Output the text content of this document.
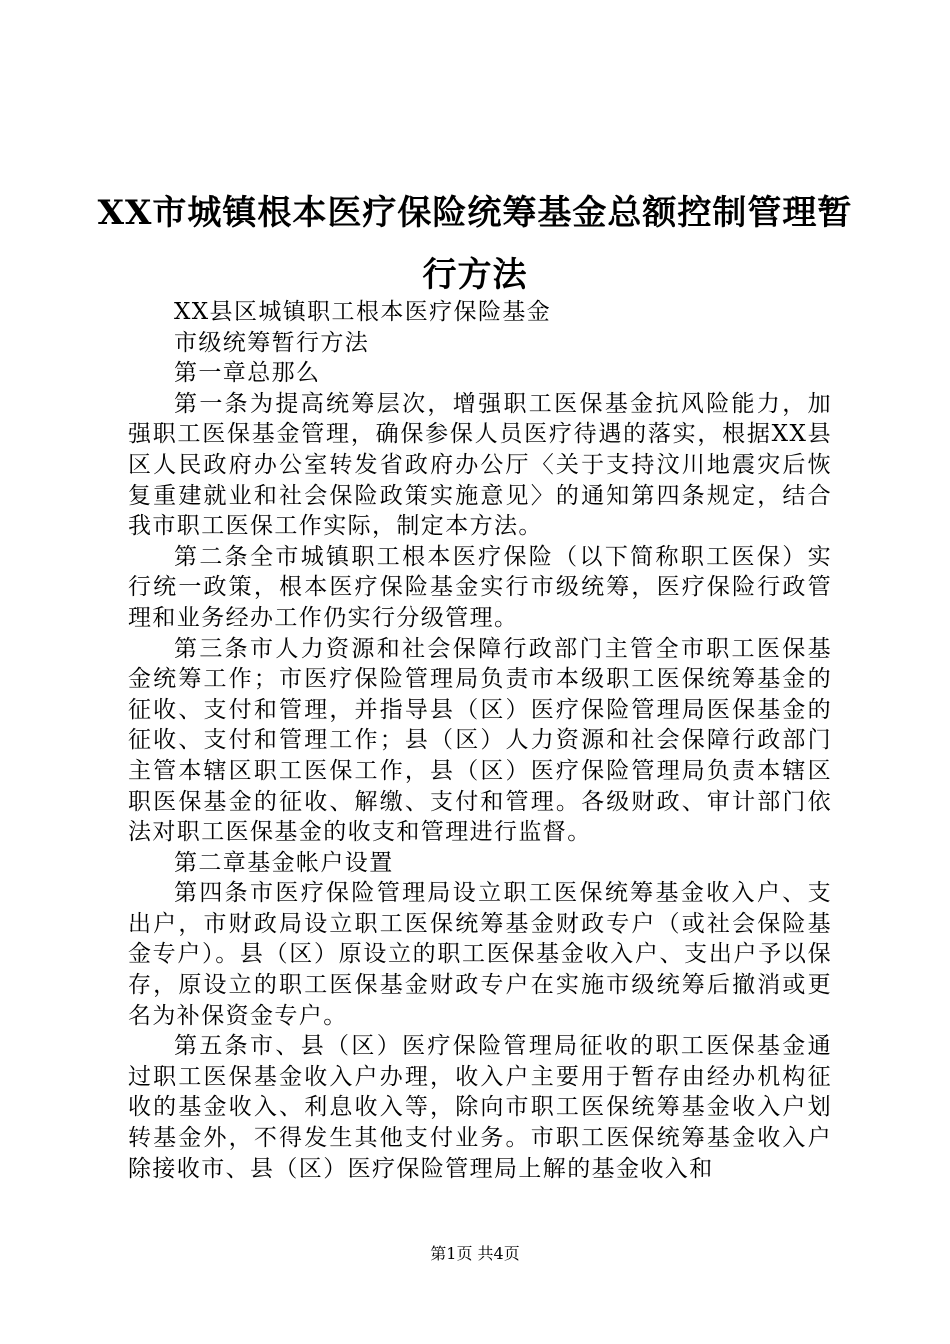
XX市城镇根本医疗保险统筹基金总额控制管理暂行方法

XX县区城镇职工根本医疗保险基金

市级统筹暂行方法

第一章总那么

第一条为提高统筹层次，增强职工医保基金抗风险能力，加强职工医保基金管理，确保参保人员医疗待遇的落实，根据XX县区人民政府办公室转发省政府办公厅〈关于支持汶川地震灾后恢复重建就业和社会保险政策实施意见〉的通知第四条规定，结合我市职工医保工作实际，制定本方法。

第二条全市城镇职工根本医疗保险（以下简称职工医保）实行统一政策，根本医疗保险基金实行市级统筹，医疗保险行政管理和业务经办工作仍实行分级管理。

第三条市人力资源和社会保障行政部门主管全市职工医保基金统筹工作；市医疗保险管理局负责市本级职工医保统筹基金的征收、支付和管理，并指导县（区）医疗保险管理局医保基金的征收、支付和管理工作；县（区）人力资源和社会保障行政部门主管本辖区职工医保工作，县（区）医疗保险管理局负责本辖区职医保基金的征收、解缴、支付和管理。各级财政、审计部门依法对职工医保基金的收支和管理进行监督。

第二章基金帐户设置

第四条市医疗保险管理局设立职工医保统筹基金收入户、支出户，市财政局设立职工医保统筹基金财政专户（或社会保险基金专户）。县（区）原设立的职工医保基金收入户、支出户予以保存，原设立的职工医保基金财政专户在实施市级统筹后撤消或更名为补保资金专户。

第五条市、县（区）医疗保险管理局征收的职工医保基金通过职工医保基金收入户办理，收入户主要用于暂存由经办机构征收的基金收入、利息收入等，除向市职工医保统筹基金收入户划转基金外，不得发生其他支付业务。市职工医保统筹基金收入户除接收市、县（区）医疗保险管理局上解的基金收入和

第1页 共4页
